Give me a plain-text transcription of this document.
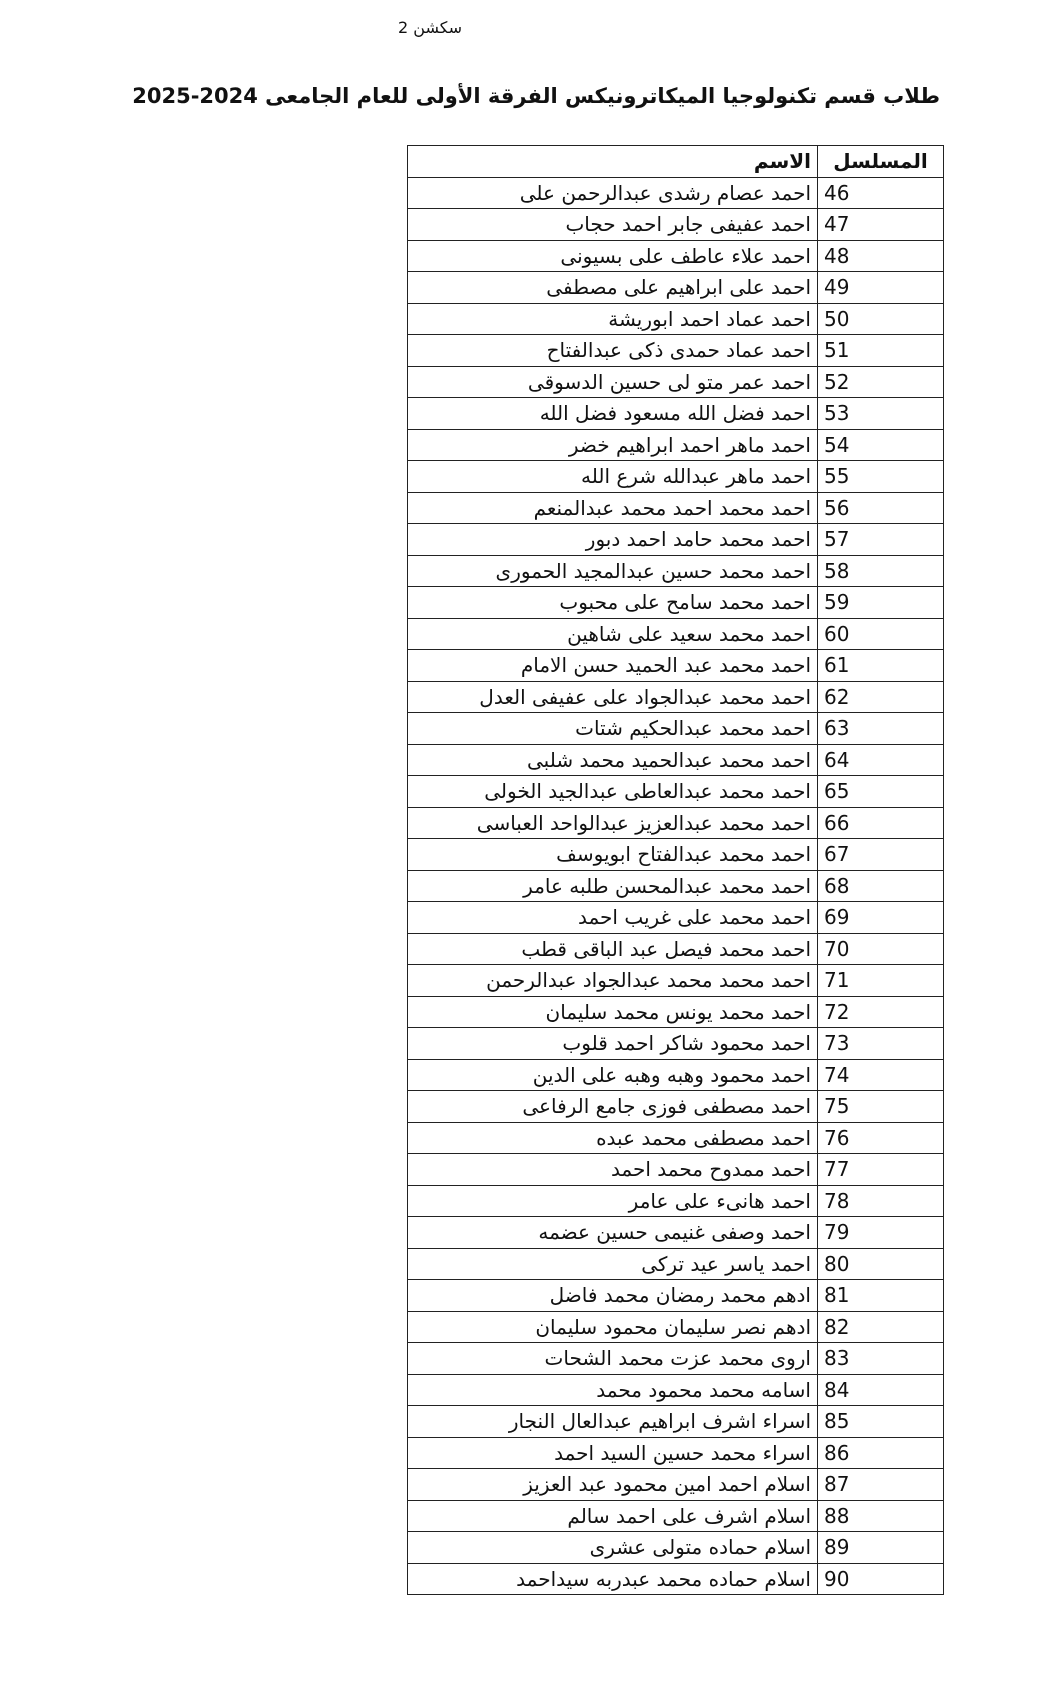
سكشن 2
طلاب قسم تكنولوجيا الميكاترونيكس الفرقة الأولى للعام الجامعى 2024-2025
المسلسل	الاسم
46	احمد عصام رشدى عبدالرحمن على
47	احمد عفيفى جابر احمد حجاب
48	احمد علاء عاطف على بسيونى
49	احمد على ابراهيم على مصطفى
50	احمد عماد احمد ابوريشة
51	احمد عماد حمدى ذكى عبدالفتاح
52	احمد عمر متو لى حسين الدسوقى
53	احمد فضل الله مسعود فضل الله
54	احمد ماهر احمد ابراهيم خضر
55	احمد ماهر عبدالله شرع الله
56	احمد محمد احمد محمد عبدالمنعم
57	احمد محمد حامد احمد دبور
58	احمد محمد حسين عبدالمجيد الحمورى
59	احمد محمد سامح على محبوب
60	احمد محمد سعيد على شاهين
61	احمد محمد عبد الحميد حسن الامام
62	احمد محمد عبدالجواد على عفيفى العدل
63	احمد محمد عبدالحكيم شتات
64	احمد محمد عبدالحميد محمد شلبى
65	احمد محمد عبدالعاطى عبدالجيد الخولى
66	احمد محمد عبدالعزيز عبدالواحد العباسى
67	احمد محمد عبدالفتاح ابويوسف
68	احمد محمد عبدالمحسن طلبه عامر
69	احمد محمد على غريب احمد
70	احمد محمد فيصل عبد الباقى قطب
71	احمد محمد محمد عبدالجواد عبدالرحمن
72	احمد محمد يونس محمد سليمان
73	احمد محمود شاكر احمد قلوب
74	احمد محمود وهبه وهبه على الدين
75	احمد مصطفى فوزى جامع الرفاعى
76	احمد مصطفى محمد عبده
77	احمد ممدوح محمد احمد
78	احمد هانىء على عامر
79	احمد وصفى غنيمى حسين عضمه
80	احمد ياسر عيد تركى
81	ادهم محمد رمضان محمد فاضل
82	ادهم نصر سليمان محمود سليمان
83	اروى محمد عزت محمد الشحات
84	اسامه محمد محمود محمد
85	اسراء اشرف ابراهيم عبدالعال النجار
86	اسراء محمد حسين السيد احمد
87	اسلام احمد امين محمود عبد العزيز
88	اسلام اشرف على احمد سالم
89	اسلام حماده متولى عشرى
90	اسلام حماده محمد عبدربه سيداحمد
